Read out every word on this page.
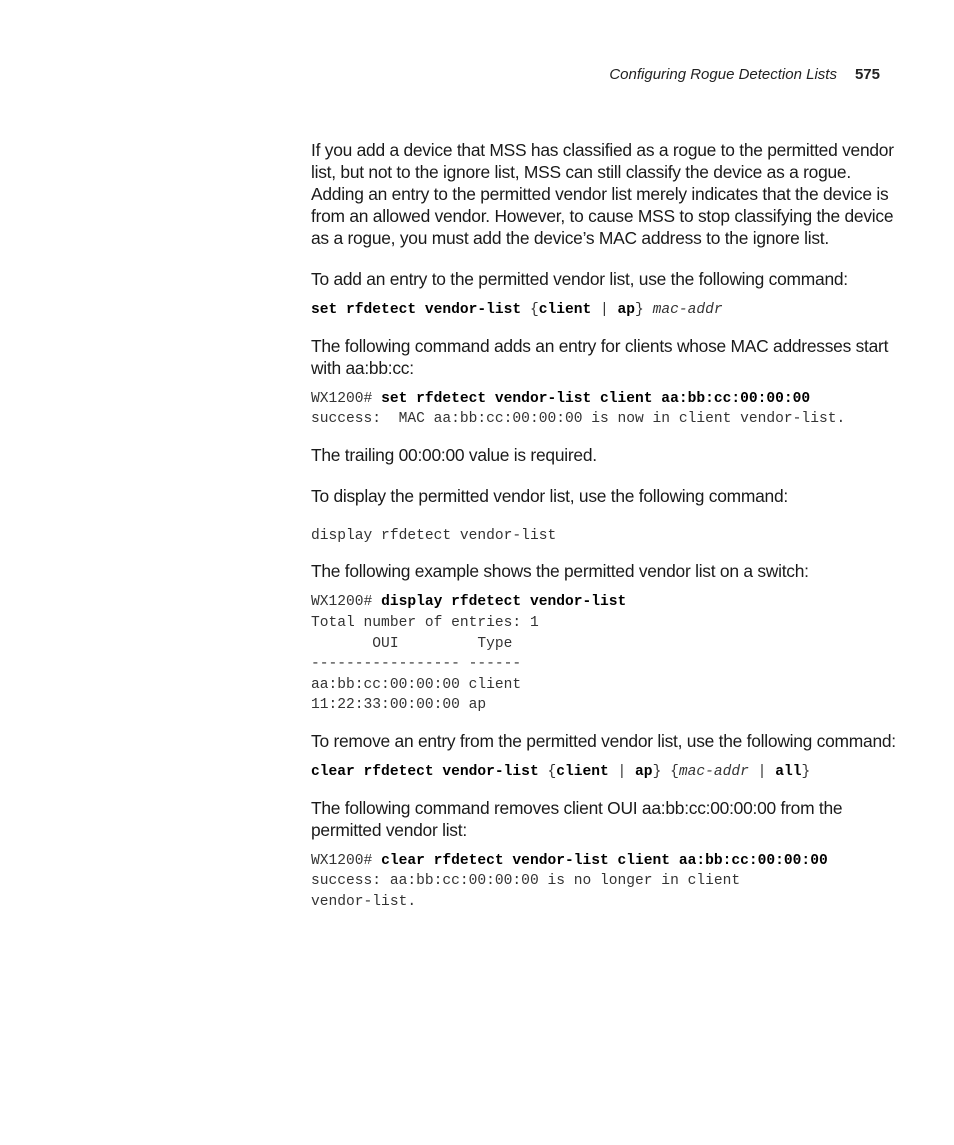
Configuring Rogue Detection Lists 575

If you add a device that MSS has classified as a rogue to the permitted vendor list, but not to the ignore list, MSS can still classify the device as a rogue. Adding an entry to the permitted vendor list merely indicates that the device is from an allowed vendor. However, to cause MSS to stop classifying the device as a rogue, you must add the device’s MAC address to the ignore list.

To add an entry to the permitted vendor list, use the following command:

set rfdetect vendor-list {client | ap} mac-addr

The following command adds an entry for clients whose MAC addresses start with aa:bb:cc:

WX1200# set rfdetect vendor-list client aa:bb:cc:00:00:00
success:  MAC aa:bb:cc:00:00:00 is now in client vendor-list.

The trailing 00:00:00 value is required.

To display the permitted vendor list, use the following command:

display rfdetect vendor-list

The following example shows the permitted vendor list on a switch:

WX1200# display rfdetect vendor-list
Total number of entries: 1
OUI         Type
----------------- ------
aa:bb:cc:00:00:00 client
11:22:33:00:00:00 ap

To remove an entry from the permitted vendor list, use the following command:

clear rfdetect vendor-list {client | ap} {mac-addr | all}

The following command removes client OUI aa:bb:cc:00:00:00 from the permitted vendor list:

WX1200# clear rfdetect vendor-list client aa:bb:cc:00:00:00
success: aa:bb:cc:00:00:00 is no longer in client
vendor-list.
